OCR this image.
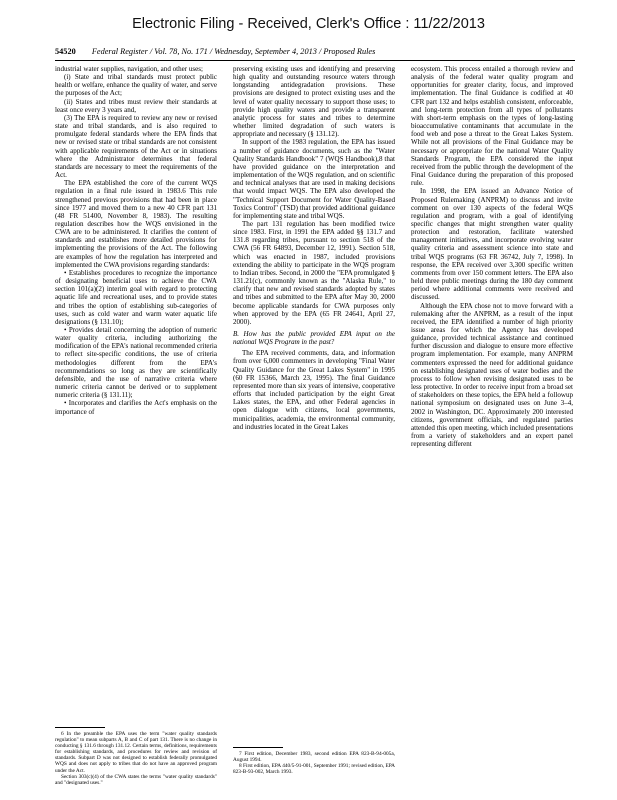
Electronic Filing - Received, Clerk's Office : 11/22/2013
54520 Federal Register / Vol. 78, No. 171 / Wednesday, September 4, 2013 / Proposed Rules

industrial water supplies, navigation, and other uses;

(i) State and tribal standards must protect public health or welfare, enhance the quality of water, and serve the purposes of the Act;

(ii) States and tribes must review their standards at least once every 3 years and,

(3) The EPA is required to review any new or revised state and tribal standards, and is also required to promulgate federal standards where the EPA finds that new or revised state or tribal standards are not consistent with applicable requirements of the Act or in situations where the Administrator determines that federal standards are necessary to meet the requirements of the Act.

The EPA established the core of the current WQS regulation in a final rule issued in 1983.6 This rule strengthened previous provisions that had been in place since 1977 and moved them to a new 40 CFR part 131 (48 FR 51400, November 8, 1983). The resulting regulation describes how the WQS envisioned in the CWA are to be administered. It clarifies the content of standards and establishes more detailed provisions for implementing the provisions of the Act. The following are examples of how the regulation has interpreted and implemented the CWA provisions regarding standards:

• Establishes procedures to recognize the importance of designating beneficial uses to achieve the CWA section 101(a)(2) interim goal with regard to protecting aquatic life and recreational uses, and to provide states and tribes the option of establishing sub-categories of uses, such as cold water and warm water aquatic life designations (§ 131.10);

• Provides detail concerning the adoption of numeric water quality criteria, including authorizing the modification of the EPA's national recommended criteria to reflect site-specific conditions, the use of criteria methodologies different from the EPA's recommendations so long as they are scientifically defensible, and the use of narrative criteria where numeric criteria cannot be derived or to supplement numeric criteria (§ 131.11);

• Incorporates and clarifies the Act's emphasis on the importance of

preserving existing uses and identifying and preserving high quality and outstanding resource waters through longstanding antidegradation provisions. These provisions are designed to protect existing uses and the level of water quality necessary to support those uses; to provide high quality waters and provide a transparent analytic process for states and tribes to determine whether limited degradation of such waters is appropriate and necessary (§ 131.12).

In support of the 1983 regulation, the EPA has issued a number of guidance documents, such as the "Water Quality Standards Handbook" 7 (WQS Handbook),8 that have provided guidance on the interpretation and implementation of the WQS regulation, and on scientific and technical analyses that are used in making decisions that would impact WQS. The EPA also developed the "Technical Support Document for Water Quality-Based Toxics Control" (TSD) that provided additional guidance for implementing state and tribal WQS.

The part 131 regulation has been modified twice since 1983. First, in 1991 the EPA added §§ 131.7 and 131.8 regarding tribes, pursuant to section 518 of the CWA (56 FR 64893, December 12, 1991). Section 518, which was enacted in 1987, included provisions extending the ability to participate in the WQS program to Indian tribes. Second, in 2000 the "EPA promulgated § 131.21(c), commonly known as the "Alaska Rule," to clarify that new and revised standards adopted by states and tribes and submitted to the EPA after May 30, 2000 become applicable standards for CWA purposes only when approved by the EPA (65 FR 24641, April 27, 2000).

B. How has the public provided EPA input on the national WQS Program in the past?

The EPA received comments, data, and information from over 6,000 commenters in developing "Final Water Quality Guidance for the Great Lakes System" in 1995 (60 FR 15366, March 23, 1995). The final Guidance represented more than six years of intensive, cooperative efforts that included participation by the eight Great Lakes states, the EPA, and other Federal agencies in open dialogue with citizens, local governments, municipalities, academia, the environmental community, and industries located in the Great Lakes

ecosystem. This process entailed a thorough review and analysis of the federal water quality program and opportunities for greater clarity, focus, and improved implementation. The final Guidance is codified at 40 CFR part 132 and helps establish consistent, enforceable, and long-term protection from all types of pollutants with short-term emphasis on the types of long-lasting bioaccumulative contaminants that accumulate in the food web and pose a threat to the Great Lakes System. While not all provisions of the Final Guidance may be necessary or appropriate for the national Water Quality Standards Program, the EPA considered the input received from the public through the development of the Final Guidance during the preparation of this proposed rule.

In 1998, the EPA issued an Advance Notice of Proposed Rulemaking (ANPRM) to discuss and invite comment on over 130 aspects of the federal WQS regulation and program, with a goal of identifying specific changes that might strengthen water quality protection and restoration, facilitate watershed management initiatives, and incorporate evolving water quality criteria and assessment science into state and tribal WQS programs (63 FR 36742, July 7, 1998). In response, the EPA received over 3,300 specific written comments from over 150 comment letters. The EPA also held three public meetings during the 180 day comment period where additional comments were received and discussed.

Although the EPA chose not to move forward with a rulemaking after the ANPRM, as a result of the input received, the EPA identified a number of high priority issue areas for which the Agency has developed guidance, provided technical assistance and continued further discussion and dialogue to ensure more effective program implementation. For example, many ANPRM commenters expressed the need for additional guidance on establishing designated uses of water bodies and the process to follow when revising designated uses to be less protective. In order to receive input from a broad set of stakeholders on these topics, the EPA held a followup national symposium on designated uses on June 3–4, 2002 in Washington, DC. Approximately 200 interested citizens, government officials, and regulated parties attended this open meeting, which included presentations from a variety of stakeholders and an expert panel representing different

6 In the preamble the EPA uses the term "water quality standards regulation" to mean subparts A, B and C of part 131. There is no change in conducting § 131.6 through 131.12. Certain terms, definitions, requirements for establishing standards, and procedures for review and revision of standards. Subpart D was not designed to establish federally promulgated WQS and does not apply to tribes that do not have an approved program under the Act.

Section 303(c)(4) of the CWA states the terms "water quality standards" and "designated uses."

7 First edition, December 1983, second edition EPA 823-B-94-005a, August 1994.

8 First edition, EPA 440/5-91-001, September 1991; revised edition, EPA 823-B-93-002, March 1993.
